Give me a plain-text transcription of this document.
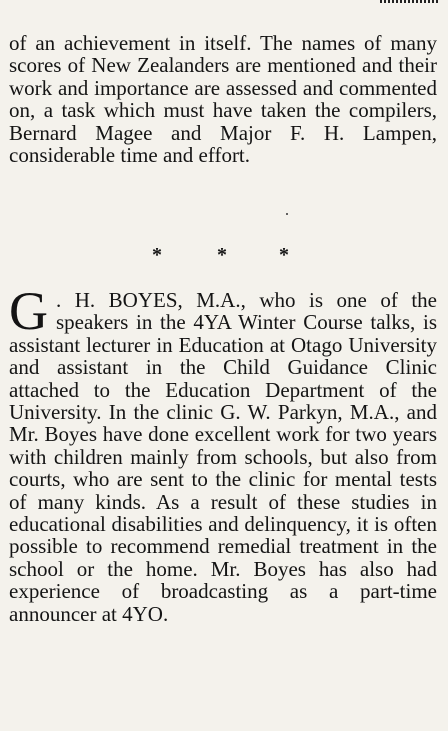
of an achievement in itself. The names of many scores of New Zealanders are mentioned and their work and importance are assessed and commented on, a task which must have taken the compilers, Bernard Magee and Major F. H. Lampen, considerable time and effort.

*	*	*

G . H. BOYES, M.A., who is one of the speakers in the 4YA Winter Course talks, is assistant lecturer in Education at Otago University and assistant in the Child Guidance Clinic attached to the Education Department of the University. In the clinic G. W. Parkyn, M.A., and Mr. Boyes have done excellent work for two years with children mainly from schools, but also from courts, who are sent to the clinic for mental tests of many kinds. As a result of these studies in educational disabilities and delinquency, it is often possible to recommend remedial treatment in the school or the home. Mr. Boyes has also had experience of broadcasting as a part-time announcer at 4YO.
